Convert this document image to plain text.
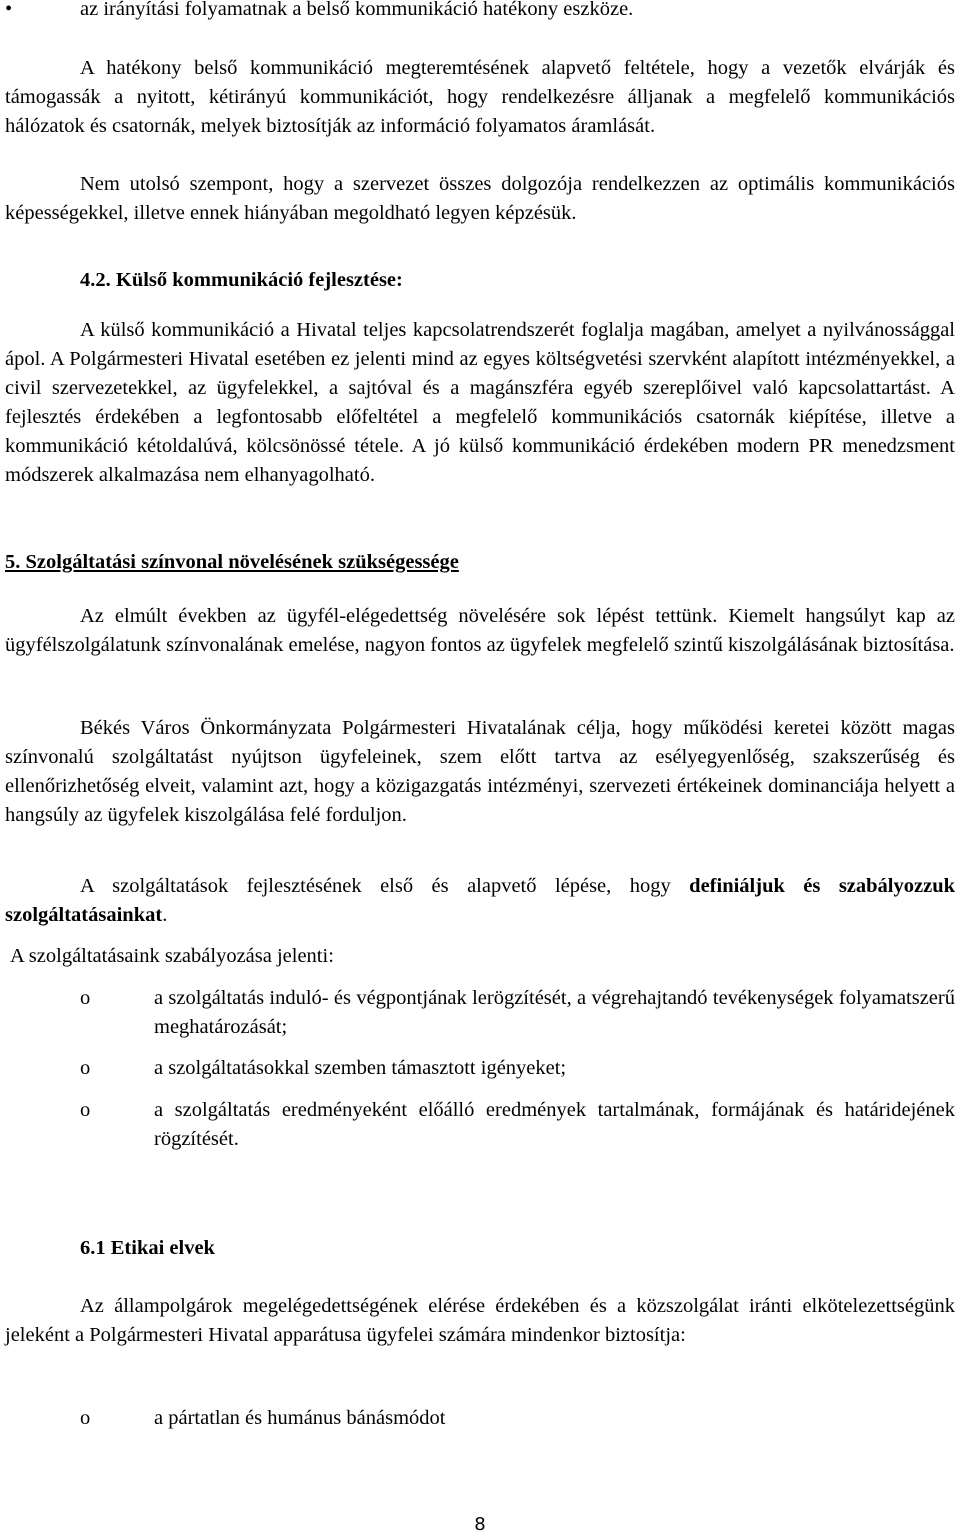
•	az irányítási folyamatnak a belső kommunikáció hatékony eszköze.

A hatékony belső kommunikáció megteremtésének alapvető feltétele, hogy a vezetők elvárják és támogassák a nyitott, kétirányú kommunikációt, hogy rendelkezésre álljanak a megfelelő kommunikációs hálózatok és csatornák, melyek biztosítják az információ folyamatos áramlását.

Nem utolsó szempont, hogy a szervezet összes dolgozója rendelkezzen az optimális kommunikációs képességekkel, illetve ennek hiányában megoldható legyen képzésük.

4.2. Külső kommunikáció fejlesztése:

A külső kommunikáció a Hivatal teljes kapcsolatrendszerét foglalja magában, amelyet a nyilvánossággal ápol. A Polgármesteri Hivatal esetében ez jelenti mind az egyes költségvetési szervként alapított intézményekkel, a civil szervezetekkel, az ügyfelekkel, a sajtóval és a magánszféra egyéb szereplőivel való kapcsolattartást. A fejlesztés érdekében a legfontosabb előfeltétel a megfelelő kommunikációs csatornák kiépítése, illetve a kommunikáció kétoldalúvá, kölcsönössé tétele. A jó külső kommunikáció érdekében modern PR menedzsment módszerek alkalmazása nem elhanyagolható.

5. Szolgáltatási színvonal növelésének szükségessége

Az elmúlt években az ügyfél-elégedettség növelésére sok lépést tettünk. Kiemelt hangsúlyt kap az ügyfélszolgálatunk színvonalának emelése, nagyon fontos az ügyfelek megfelelő szintű kiszolgálásának biztosítása.

Békés Város Önkormányzata Polgármesteri Hivatalának célja, hogy működési keretei között magas színvonalú szolgáltatást nyújtson ügyfeleinek, szem előtt tartva az esélyegyenlőség, szakszerűség és ellenőrizhetőség elveit, valamint azt, hogy a közigazgatás intézményi, szervezeti értékeinek dominanciája helyett a hangsúly az ügyfelek kiszolgálása felé forduljon.

A szolgáltatások fejlesztésének első és alapvető lépése, hogy definiáljuk és szabályozzuk szolgáltatásainkat.

A szolgáltatásaink szabályozása jelenti:

o	a szolgáltatás induló- és végpontjának lerögzítését, a végrehajtandó tevékenységek folyamatszerű meghatározását;
o	a szolgáltatásokkal szemben támasztott igényeket;
o	a szolgáltatás eredményeként előálló eredmények tartalmának, formájának és határidejének rögzítését.
6.1 Etikai elvek

Az állampolgárok megelégedettségének elérése érdekében és a közszolgálat iránti elkötelezettségünk jeleként a Polgármesteri Hivatal apparátusa ügyfelei számára mindenkor biztosítja:

o	a pártatlan és humánus bánásmódot
8
